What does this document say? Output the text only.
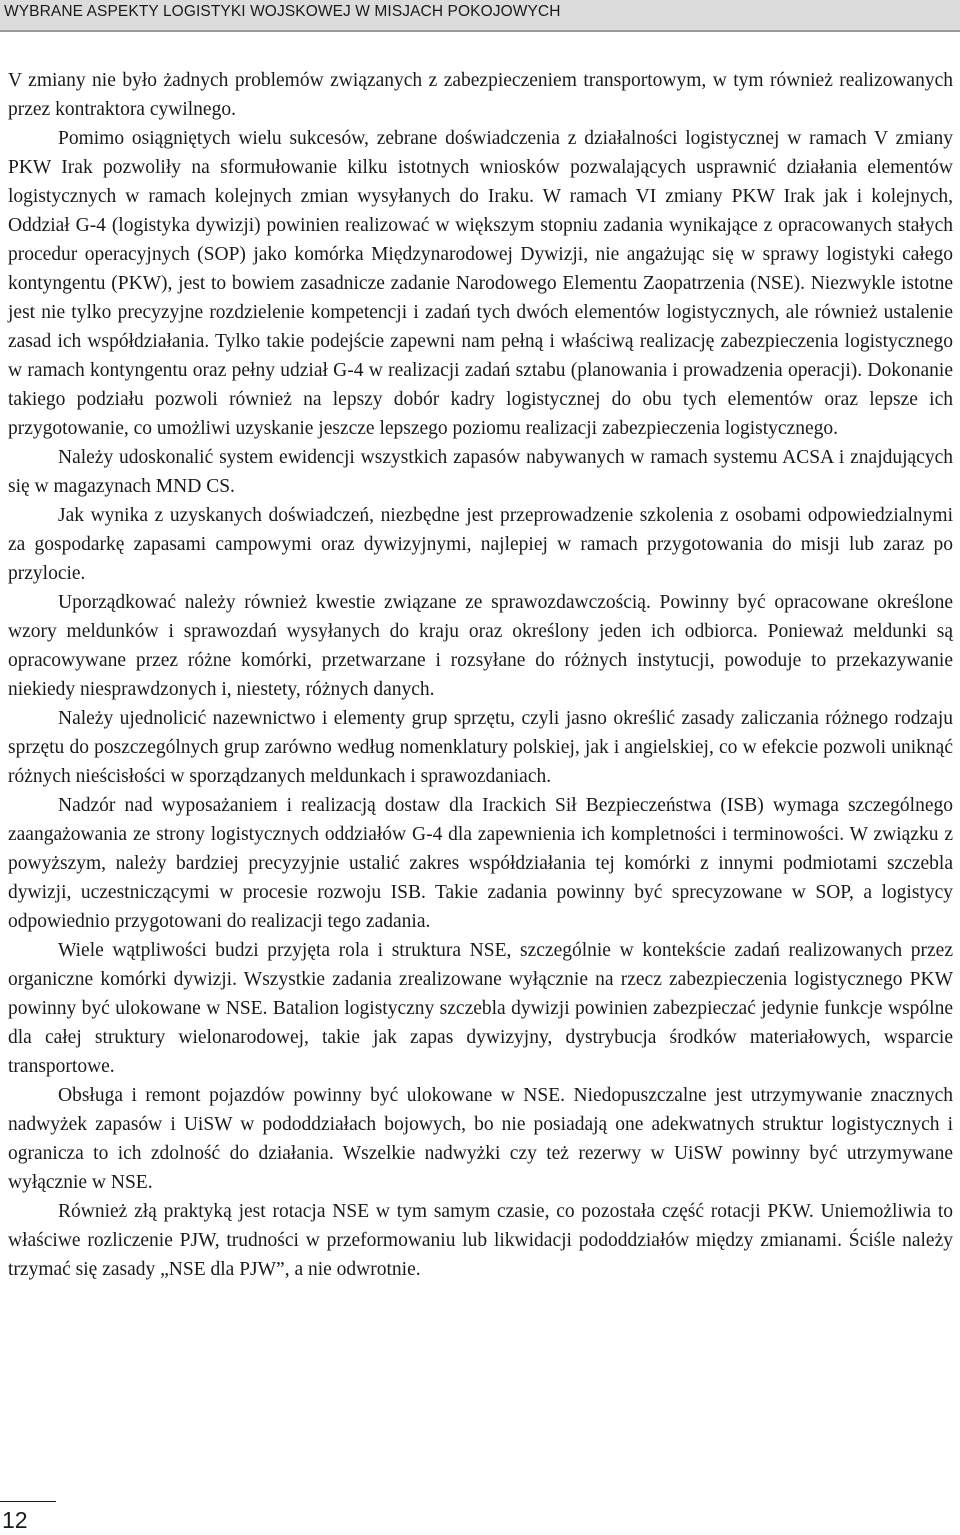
WYBRANE ASPEKTY LOGISTYKI WOJSKOWEJ W MISJACH POKOJOWYCH

V zmiany nie było żadnych problemów związanych z zabezpieczeniem transportowym, w tym również realizowanych przez kontraktora cywilnego.

Pomimo osiągniętych wielu sukcesów, zebrane doświadczenia z działalności logistycznej w ramach V zmiany PKW Irak pozwoliły na sformułowanie kilku istotnych wniosków pozwalających usprawnić działania elementów logistycznych w ramach kolejnych zmian wysyłanych do Iraku. W ramach VI zmiany PKW Irak jak i kolejnych, Oddział G-4 (logistyka dywizji) powinien realizować w większym stopniu zadania wynikające z opracowanych stałych procedur operacyjnych (SOP) jako komórka Międzynarodowej Dywizji, nie angażując się w sprawy logistyki całego kontyngentu (PKW), jest to bowiem zasadnicze zadanie Narodowego Elementu Zaopatrzenia (NSE). Niezwykle istotne jest nie tylko precyzyjne rozdzielenie kompetencji i zadań tych dwóch elementów logistycznych, ale również ustalenie zasad ich współdziałania. Tylko takie podejście zapewni nam pełną i właściwą realizację zabezpieczenia logistycznego w ramach kontyngentu oraz pełny udział G-4 w realizacji zadań sztabu (planowania i prowadzenia operacji). Dokonanie takiego podziału pozwoli również na lepszy dobór kadry logistycznej do obu tych elementów oraz lepsze ich przygotowanie, co umożliwi uzyskanie jeszcze lepszego poziomu realizacji zabezpieczenia logistycznego.

Należy udoskonalić system ewidencji wszystkich zapasów nabywanych w ramach systemu ACSA i znajdujących się w magazynach MND CS.

Jak wynika z uzyskanych doświadczeń, niezbędne jest przeprowadzenie szkolenia z osobami odpowiedzialnymi za gospodarkę zapasami campowymi oraz dywizyjnymi, najlepiej w ramach przygotowania do misji lub zaraz po przylocie.

Uporządkować należy również kwestie związane ze sprawozdawczością. Powinny być opracowane określone wzory meldunków i sprawozdań wysyłanych do kraju oraz określony jeden ich odbiorca. Ponieważ meldunki są opracowywane przez różne komórki, przetwarzane i rozsyłane do różnych instytucji, powoduje to przekazywanie niekiedy niesprawdzonych i, niestety, różnych danych.

Należy ujednolicić nazewnictwo i elementy grup sprzętu, czyli jasno określić zasady zaliczania różnego rodzaju sprzętu do poszczególnych grup zarówno według nomenklatury polskiej, jak i angielskiej, co w efekcie pozwoli uniknąć różnych nieścisłości w sporządzanych meldunkach i sprawozdaniach.

Nadzór nad wyposażaniem i realizacją dostaw dla Irackich Sił Bezpieczeństwa (ISB) wymaga szczególnego zaangażowania ze strony logistycznych oddziałów G-4 dla zapewnienia ich kompletności i terminowości. W związku z powyższym, należy bardziej precyzyjnie ustalić zakres współdziałania tej komórki z innymi podmiotami szczebla dywizji, uczestniczącymi w procesie rozwoju ISB. Takie zadania powinny być sprecyzowane w SOP, a logistycy odpowiednio przygotowani do realizacji tego zadania.

Wiele wątpliwości budzi przyjęta rola i struktura NSE, szczególnie w kontekście zadań realizowanych przez organiczne komórki dywizji. Wszystkie zadania zrealizowane wyłącznie na rzecz zabezpieczenia logistycznego PKW powinny być ulokowane w NSE. Batalion logistyczny szczebla dywizji powinien zabezpieczać jedynie funkcje wspólne dla całej struktury wielonarodowej, takie jak zapas dywizyjny, dystrybucja środków materiałowych, wsparcie transportowe.

Obsługa i remont pojazdów powinny być ulokowane w NSE. Niedopuszczalne jest utrzymywanie znacznych nadwyżek zapasów i UiSW w pododdziałach bojowych, bo nie posiadają one adekwatnych struktur logistycznych i ogranicza to ich zdolność do działania. Wszelkie nadwyżki czy też rezerwy w UiSW powinny być utrzymywane wyłącznie w NSE.

Również złą praktyką jest rotacja NSE w tym samym czasie, co pozostała część rotacji PKW. Uniemożliwia to właściwe rozliczenie PJW, trudności w przeformowaniu lub likwidacji pododdziałów między zmianami. Ściśle należy trzymać się zasady „NSE dla PJW”, a nie odwrotnie.

12
